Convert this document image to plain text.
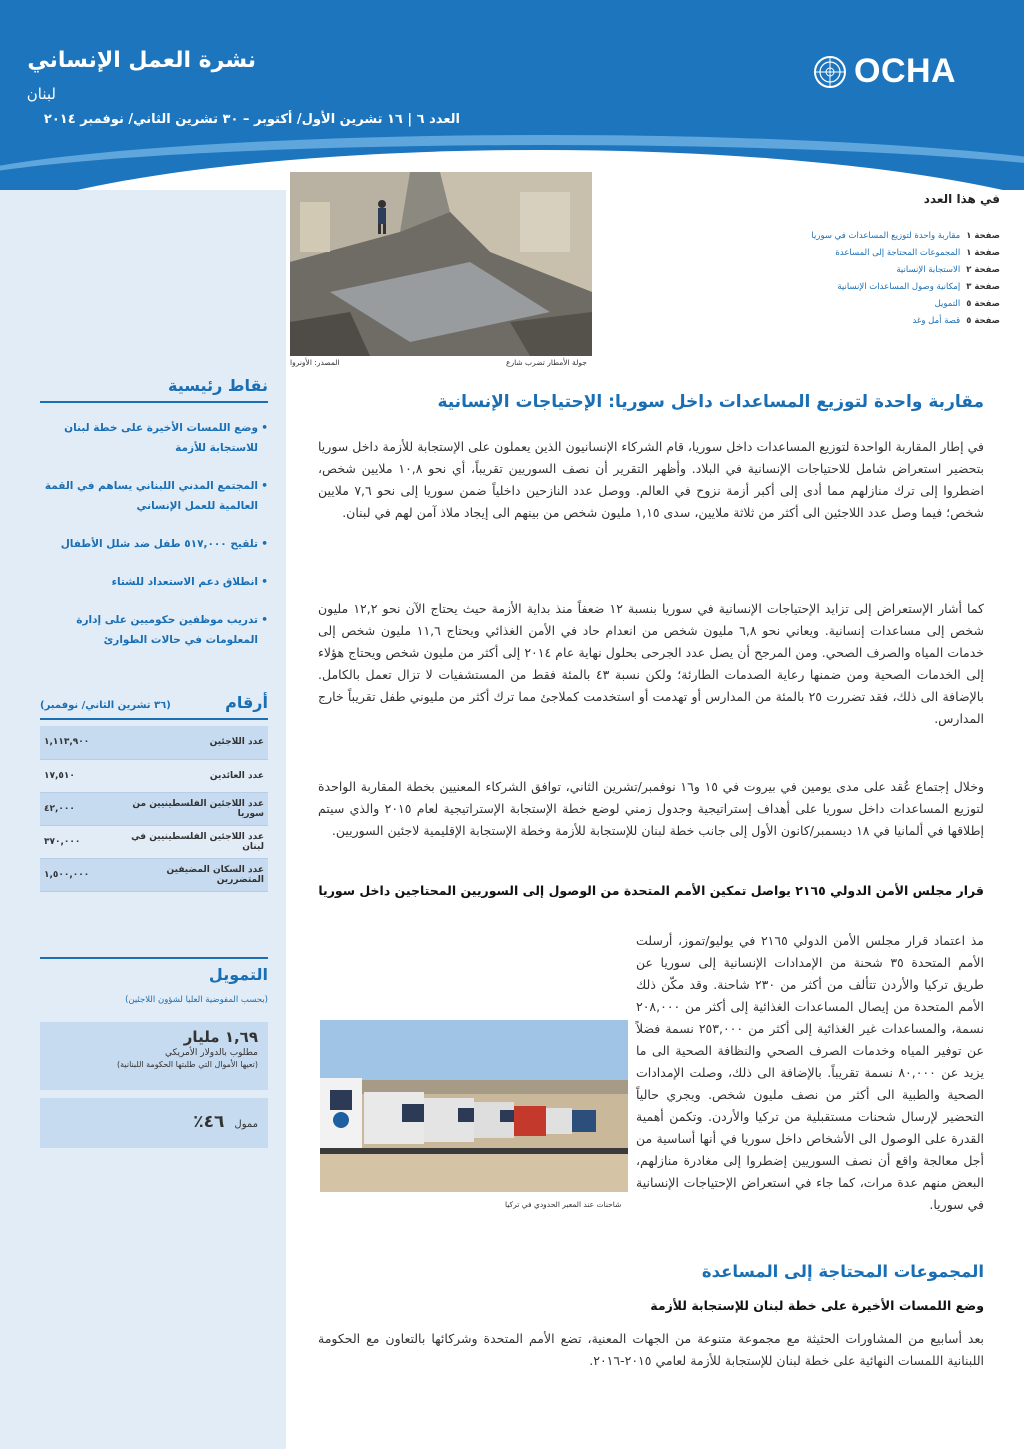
نشرة العمل الإنساني
لبنان
العدد ٦ | ١٦ تشرين الأول/ أكتوبر – ٣٠ تشرين الثاني/ نوفمبر ٢٠١٤
OCHA
نقاط رئيسية
• وضع اللمسات الأخيرة على خطة لبنان للاستجابة للأزمة
• المجتمع المدني اللبناني يساهم في القمة العالمية للعمل الإنساني
• تلقيح ٥١٧,٠٠٠ طفل ضد شلل الأطفال
• انطلاق دعم الاستعداد للشتاء
• تدريب موظفين حكوميين على إدارة المعلومات في حالات الطوارئ
أرقام
(٣٦ تشرين الثاني/ نوفمبر)
عدد اللاجئين	١,١١٣,٩٠٠
عدد العائدين	١٧,٥١٠
عدد اللاجئين الفلسطينيين من سوريا	٤٢,٠٠٠
عدد اللاجئين الفلسطينيين في لبنان	٣٧٠,٠٠٠
عدد السكان المضيفين المتضررين	١,٥٠٠,٠٠٠
التمويل
(بحسب المفوضية العليا لشؤون اللاجئين)
١,٦٩ مليار
مطلوب بالدولار الأمريكي
(تعيها الأموال التي طلبتها الحكومة اللبنانية)
ممول
٤٦٪
جولة الأمطار تضرب شارع
المصدر: الأونروا
في هذا العدد
صفحة ١
مقاربة واحدة لتوزيع المساعدات في سوريا
صفحة ١
المجموعات المحتاجة إلى المساعدة
صفحة ٢
الاستجابة الإنسانية
صفحة ٣
إمكانية وصول المساعدات الإنسانية
صفحة ٥
التمويل
صفحة ٥
قصة أمل وغد
مقاربة واحدة لتوزيع المساعدات داخل سوريا: الإحتياجات الإنسانية

في إطار المقاربة الواحدة لتوزيع المساعدات داخل سوريا، قام الشركاء الإنسانيون الذين يعملون على الإستجابة للأزمة داخل سوريا بتحضير استعراض شامل للاحتياجات الإنسانية في البلاد. وأظهر التقرير أن نصف السوريين تقريباً، أي نحو ١٠,٨ ملايين شخص، اضطروا إلى ترك منازلهم مما أدى إلى أكبر أزمة نزوح في العالم. ووصل عدد النازحين داخلياً ضمن سوريا إلى نحو ٧,٦ ملايين شخص؛ فيما وصل عدد اللاجئين الى أكثر من ثلاثة ملايين، سدى ١,١٥ مليون شخص من بينهم الى إيجاد ملاذ آمن لهم في لبنان.

كما أشار الإستعراض إلى تزايد الإحتياجات الإنسانية في سوريا بنسبة ١٢ ضعفاً منذ بداية الأزمة حيث يحتاج الآن نحو ١٢,٢ مليون شخص إلى مساعدات إنسانية. ويعاني نحو ٦,٨ مليون شخص من انعدام حاد في الأمن الغذائي ويحتاج ١١,٦ مليون شخص إلى خدمات المياه والصرف الصحي. ومن المرجح أن يصل عدد الجرحى بحلول نهاية عام ٢٠١٤ إلى أكثر من مليون شخص ويحتاج هؤلاء إلى الخدمات الصحية ومن ضمنها رعاية الصدمات الطارئة؛ ولكن نسبة ٤٣ بالمئة فقط من المستشفيات لا تزال تعمل بالكامل. بالإضافة الى ذلك، فقد تضررت ٢٥ بالمئة من المدارس أو تهدمت أو استخدمت كملاجئ مما ترك أكثر من مليوني طفل تقريباً خارج المدارس.

وخلال إجتماع عُقد على مدى يومين في بيروت في ١٥ و١٦ نوفمبر/تشرين الثاني، توافق الشركاء المعنيين بخطة المقاربة الواحدة لتوزيع المساعدات داخل سوريا على أهداف إستراتيجية وجدول زمني لوضع خطة الإستجابة الإستراتيجية لعام ٢٠١٥ والذي سيتم إطلاقها في ألمانيا في ١٨ ديسمبر/كانون الأول إلى جانب خطة لبنان للإستجابة للأزمة وخطة الإستجابة الإقليمية لاجئين السوريين.

قرار مجلس الأمن الدولي ٢١٦٥ يواصل تمكين الأمم المتحدة من الوصول إلى السوريين المحتاجين داخل سوريا
مذ اعتماد قرار مجلس الأمن الدولي ٢١٦٥ في يوليو/تموز، أرسلت الأمم المتحدة ٣٥ شحنة من الإمدادات الإنسانية إلى سوريا عن طريق تركيا والأردن تتألف من أكثر من ٢٣٠ شاحنة. وقد مكّن ذلك الأمم المتحدة من إيصال المساعدات الغذائية إلى أكثر من ٢٠٨,٠٠٠ نسمة، والمساعدات غير الغذائية إلى أكثر من ٢٥٣,٠٠٠ نسمة فضلاً عن توفير المياه وخدمات الصرف الصحي والنظافة الصحية الى ما يزيد عن ٨٠,٠٠٠ نسمة تقريباً. بالإضافة الى ذلك، وصلت الإمدادات الصحية والطبية الى أكثر من نصف مليون شخص. ويجري حالياً التحضير لإرسال شحنات مستقبلية من تركيا والأردن. وتكمن أهمية القدرة على الوصول الى الأشخاص داخل سوريا في أنها أساسية من أجل معالجة واقع أن نصف السوريين إضطروا إلى مغادرة منازلهم، البعض منهم عدة مرات، كما جاء في استعراض الإحتياجات الإنسانية في سوريا.
شاحنات عند المعبر الحدودي في تركيا
المجموعات المحتاجة إلى المساعدة
وضع اللمسات الأخيرة على خطة لبنان للإستجابة للأزمة

بعد أسابيع من المشاورات الحثيثة مع مجموعة متنوعة من الجهات المعنية، تضع الأمم المتحدة وشركائها بالتعاون مع الحكومة اللبنانية اللمسات النهائية على خطة لبنان للإستجابة للأزمة لعامي ٢٠١٥-٢٠١٦.
